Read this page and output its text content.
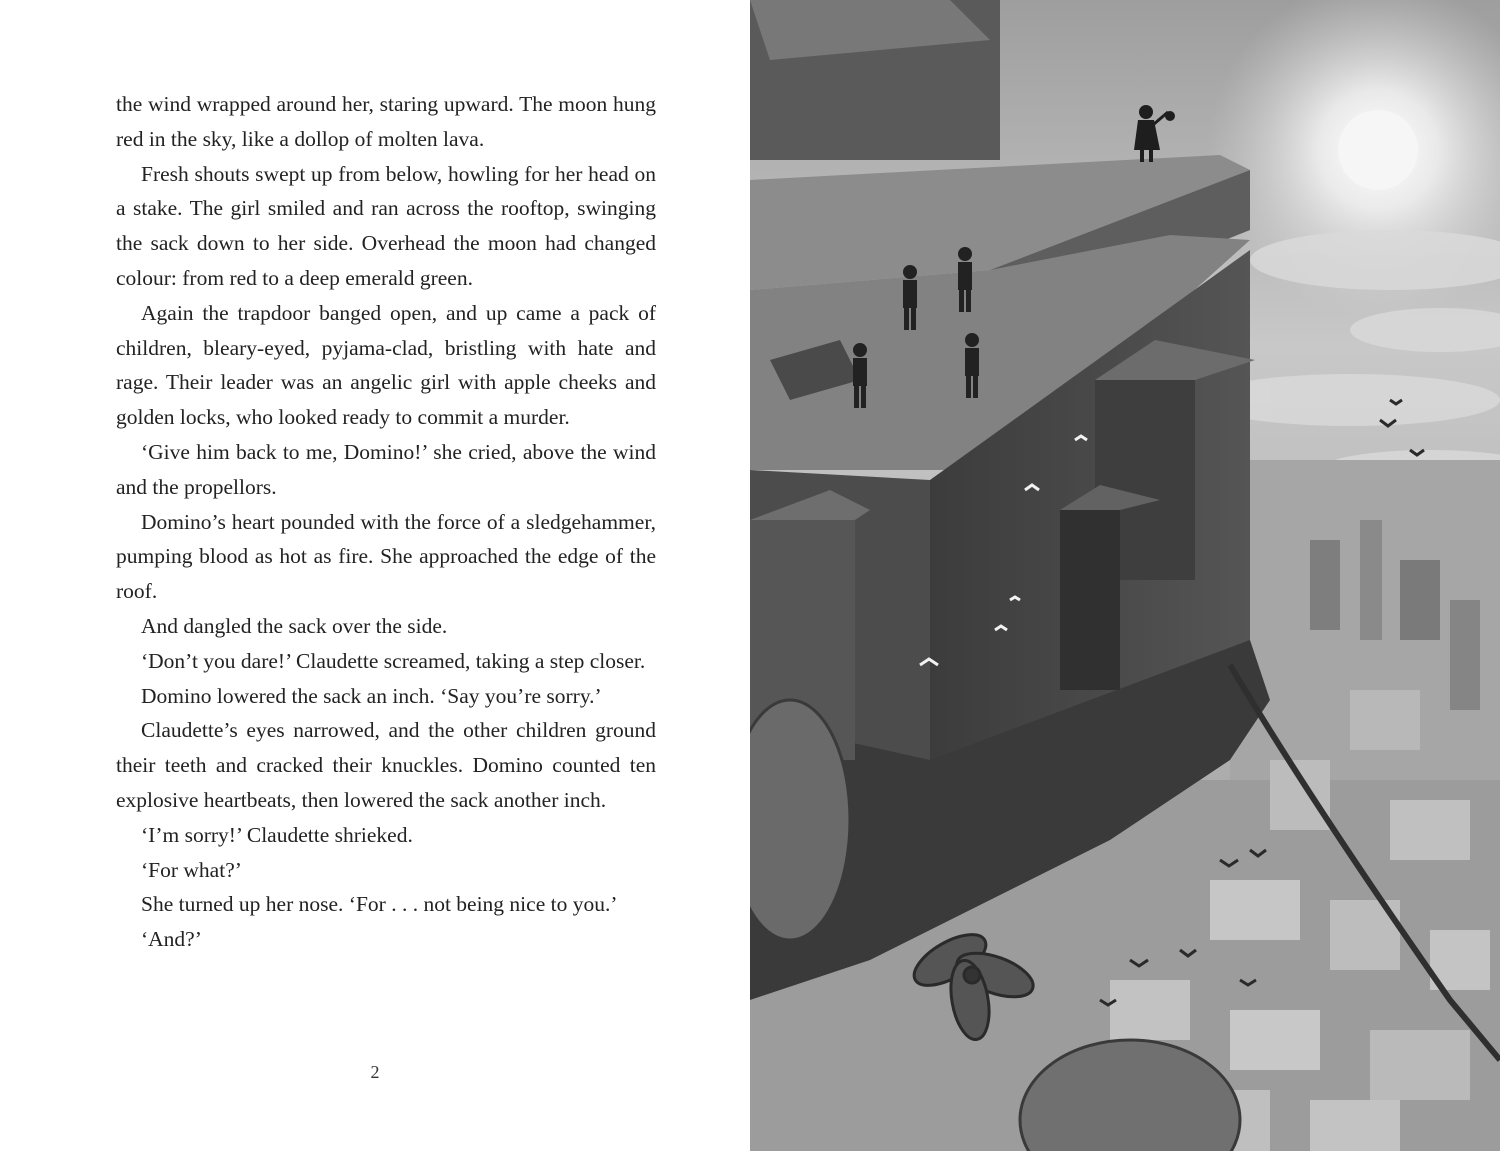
the wind wrapped around her, staring upward. The moon hung red in the sky, like a dollop of molten lava.

Fresh shouts swept up from below, howling for her head on a stake. The girl smiled and ran across the rooftop, swinging the sack down to her side. Overhead the moon had changed colour: from red to a deep emerald green.

Again the trapdoor banged open, and up came a pack of children, bleary-eyed, pyjama-clad, bristling with hate and rage. Their leader was an angelic girl with apple cheeks and golden locks, who looked ready to commit a murder.

‘Give him back to me, Domino!’ she cried, above the wind and the propellors.

Domino’s heart pounded with the force of a sledgehammer, pumping blood as hot as fire. She approached the edge of the roof.

And dangled the sack over the side.

‘Don’t you dare!’ Claudette screamed, taking a step closer.

Domino lowered the sack an inch. ‘Say you’re sorry.’

Claudette’s eyes narrowed, and the other children ground their teeth and cracked their knuckles. Domino counted ten explosive heartbeats, then lowered the sack another inch.

‘I’m sorry!’ Claudette shrieked.

‘For what?’

She turned up her nose. ‘For . . . not being nice to you.’

‘And?’

2
